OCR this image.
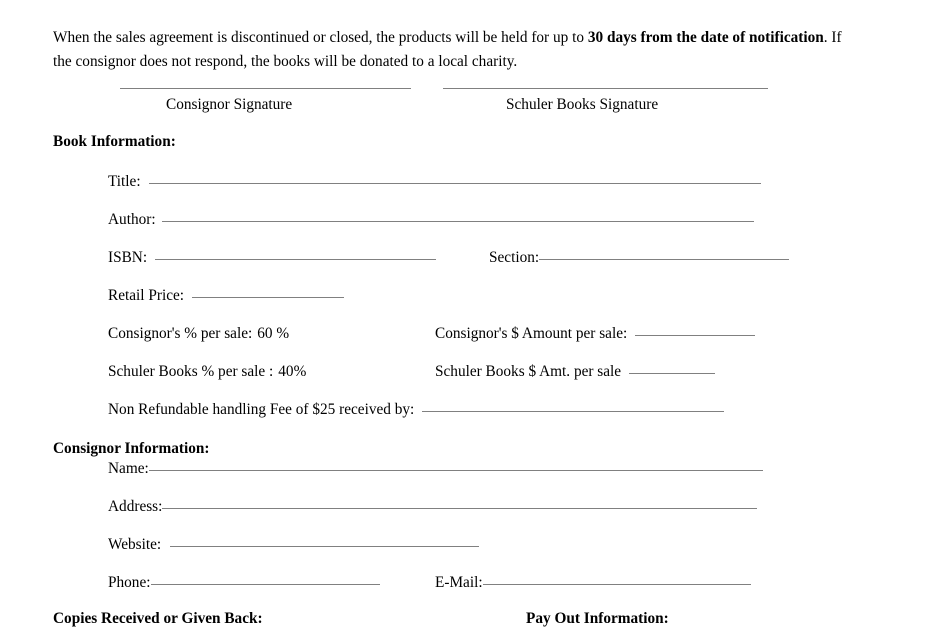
When the sales agreement is discontinued or closed, the products will be held for up to 30 days from the date of notification. If the consignor does not respond, the books will be donated to a local charity.

Consignor Signature	Schuler Books Signature
Book Information:
Title:
Author:
ISBN:	Section:
Retail Price:
Consignor's % per sale: 60 %	Consignor's $ Amount per sale:
Schuler Books % per sale : 40%	Schuler Books $ Amt. per sale
Non Refundable handling Fee of $25 received by:
Consignor Information:
Name:
Address:
Website:
Phone:	E-Mail:
Copies Received or Given Back:	Pay Out Information:
